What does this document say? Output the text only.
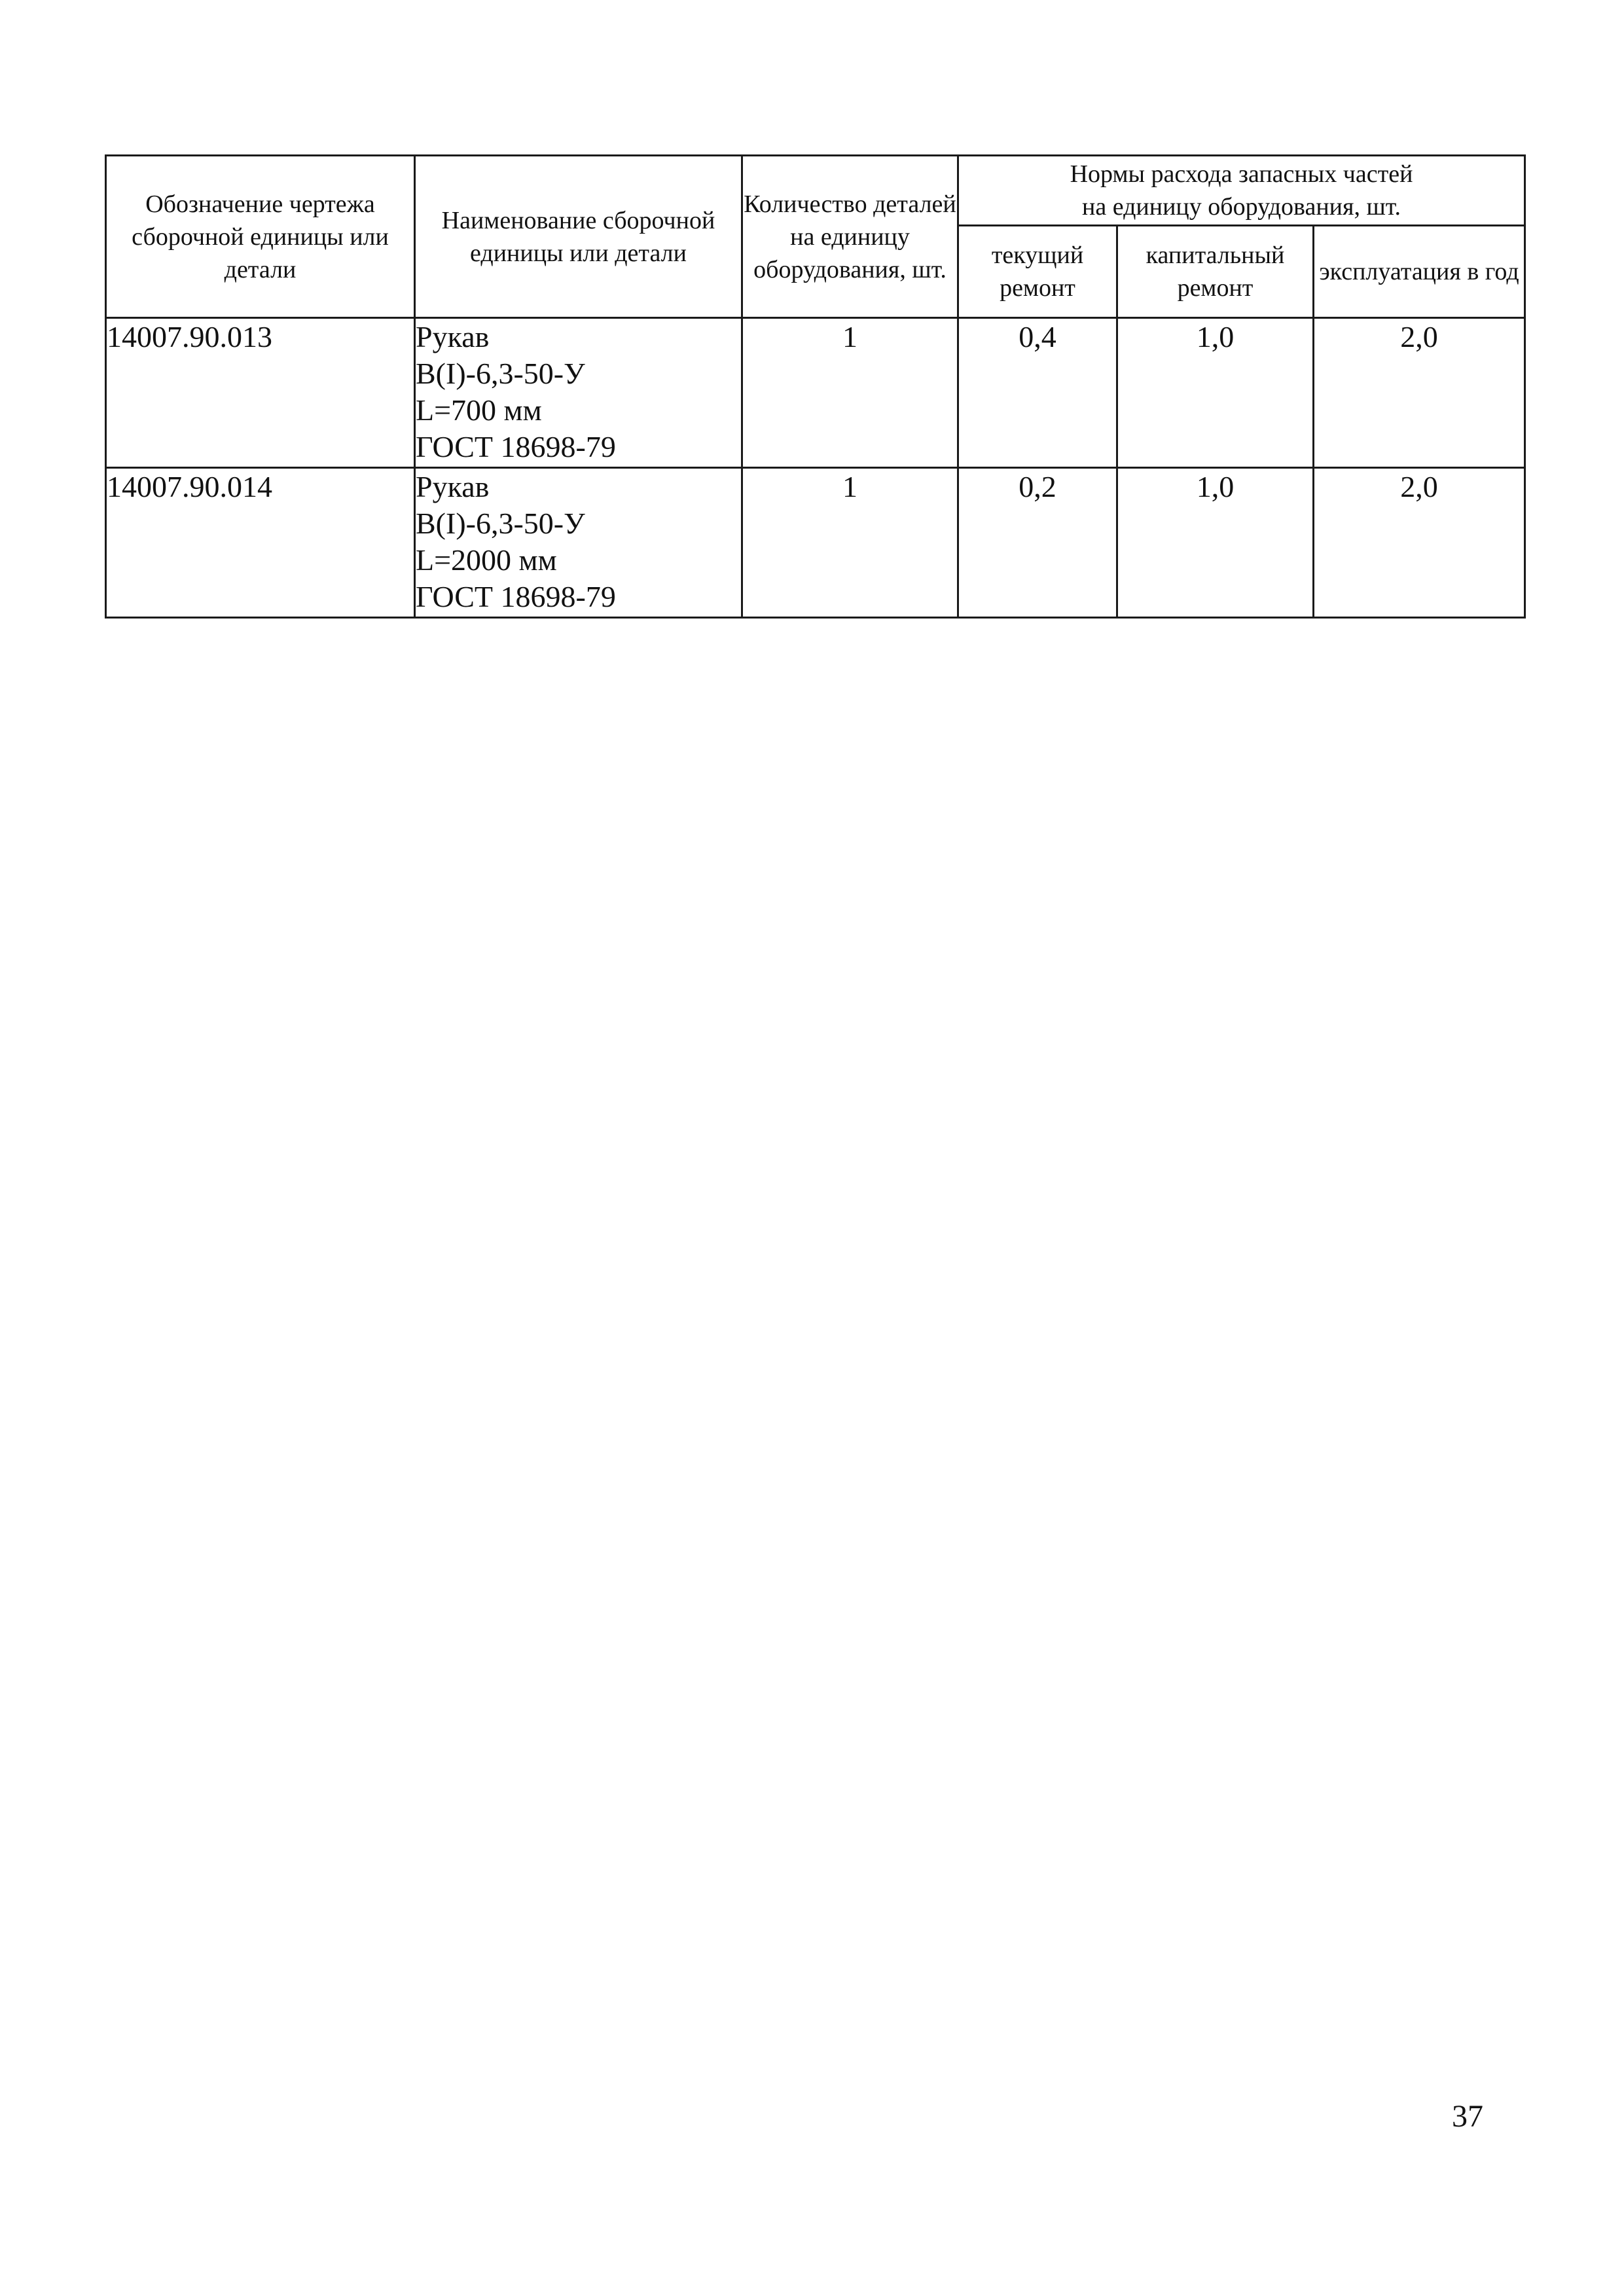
Обозначение чертежа сборочной единицы или детали	Наименование сборочной единицы или детали	Количество деталей на единицу оборудования, шт.	Нормы расхода запасных частей
на единицу оборудования, шт.		

			текущий ремонт	капитальный ремонт	эксплуатация в год
14007.90.013	Рукав
В(I)-6,3-50-У
L=700 мм
ГОСТ 18698-79	1	0,4	1,0	2,0
14007.90.014	Рукав
В(I)-6,3-50-У
L=2000 мм
ГОСТ 18698-79	1	0,2	1,0	2,0
37
